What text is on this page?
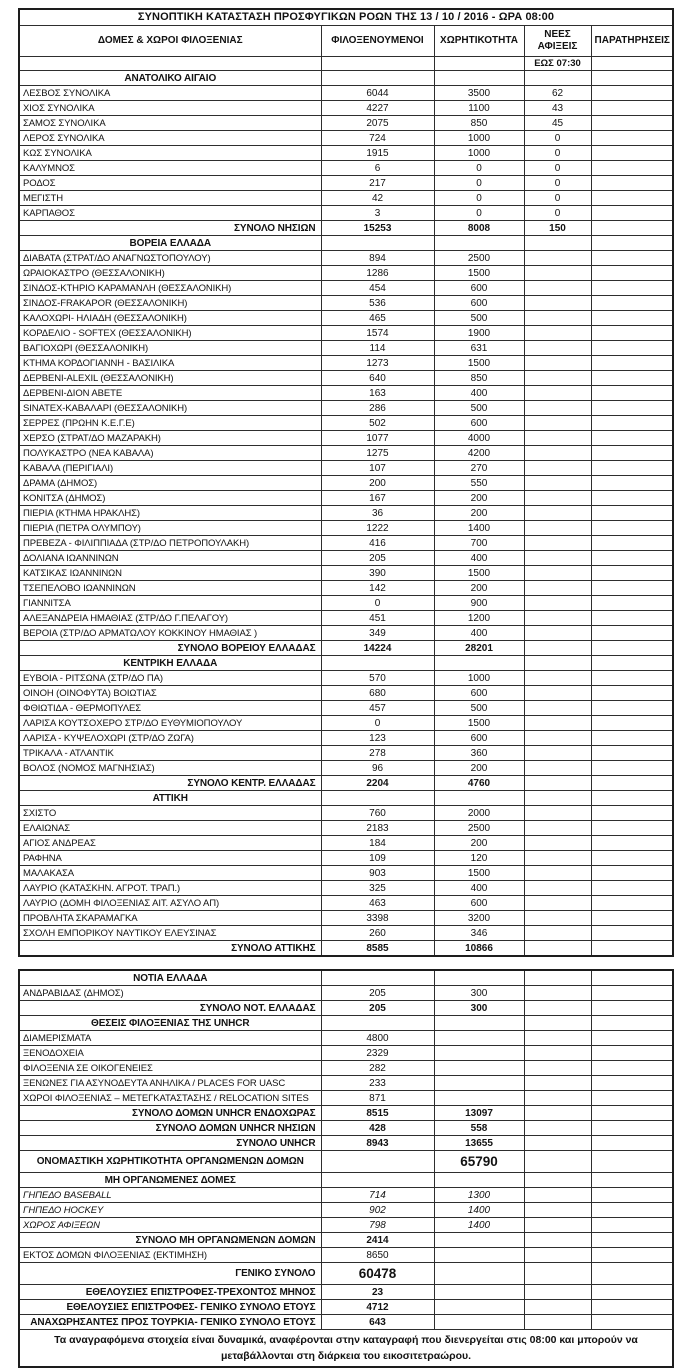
ΣΥΝΟΠΤΙΚΗ ΚΑΤΑΣΤΑΣΗ ΠΡΟΣΦΥΓΙΚΩΝ ΡΟΩΝ ΤΗΣ 13 / 10 / 2016 - ΩΡΑ 08:00				
ΔΟΜΕΣ & ΧΩΡΟΙ ΦΙΛΟΞΕΝΙΑΣ	ΦΙΛΟΞΕΝΟΥΜΕΝΟΙ	ΧΩΡΗΤΙΚΟΤΗΤΑ	ΝΕΕΣ ΑΦΙΞΕΙΣ	ΠΑΡΑΤΗΡΗΣΕΙΣ
			ΕΩΣ 07:30	
ΑΝΑΤΟΛΙΚΟ ΑΙΓΑΙΟ				
ΛΕΣΒΟΣ ΣΥΝΟΛΙΚΑ	6044	3500	62	
ΧΙΟΣ ΣΥΝΟΛΙΚΑ	4227	1100	43	
ΣΑΜΟΣ ΣΥΝΟΛΙΚΑ	2075	850	45	
ΛΕΡΟΣ ΣΥΝΟΛΙΚΑ	724	1000	0	
ΚΩΣ ΣΥΝΟΛΙΚΑ	1915	1000	0	
ΚΑΛΥΜΝΟΣ	6	0	0	
ΡΟΔΟΣ	217	0	0	
ΜΕΓΙΣΤΗ	42	0	0	
ΚΑΡΠΑΘΟΣ	3	0	0	
ΣΥΝΟΛΟ ΝΗΣΙΩΝ	15253	8008	150	
ΒΟΡΕΙΑ ΕΛΛΑΔΑ				
ΔΙΑΒΑΤΑ (ΣΤΡΑΤ/ΔΟ ΑΝΑΓΝΩΣΤΟΠΟΥΛΟΥ)	894	2500		
ΩΡΑΙΟΚΑΣΤΡΟ (ΘΕΣΣΑΛΟΝΙΚΗ)	1286	1500		
ΣΙΝΔΟΣ-ΚΤΗΡΙΟ ΚΑΡΑΜΑΝΛΗ (ΘΕΣΣΑΛΟΝΙΚΗ)	454	600		
ΣΙΝΔΟΣ-FRAKAPOR (ΘΕΣΣΑΛΟΝΙΚΗ)	536	600		
ΚΑΛΟΧΩΡΙ- ΗΛΙΑΔΗ (ΘΕΣΣΑΛΟΝΙΚΗ)	465	500		
ΚΟΡΔΕΛΙΟ - SOFTEX (ΘΕΣΣΑΛΟΝΙΚΗ)	1574	1900		
ΒΑΓΙΟΧΩΡΙ (ΘΕΣΣΑΛΟΝΙΚΗ)	114	631		
ΚΤΗΜΑ ΚΟΡΔΟΓΙΑΝΝΗ - ΒΑΣΙΛΙΚΑ	1273	1500		
ΔΕΡΒΕΝΙ-ALEXIL (ΘΕΣΣΑΛΟΝΙΚΗ)	640	850		
ΔΕΡΒΕΝΙ-ΔΙΟΝ ΑΒΕΤΕ	163	400		
SINATEX-ΚΑΒΑΛΑΡΙ (ΘΕΣΣΑΛΟΝΙΚΗ)	286	500		
ΣΕΡΡΕΣ (ΠΡΩΗΝ Κ.Ε.Γ.Ε)	502	600		
ΧΕΡΣΟ (ΣΤΡΑΤ/ΔΟ ΜΑΖΑΡΑΚΗ)	1077	4000		
ΠΟΛΥΚΑΣΤΡΟ (ΝΕΑ ΚΑΒΑΛΑ)	1275	4200		
ΚΑΒΑΛΑ (ΠΕΡΙΓΙΑΛΙ)	107	270		
ΔΡΑΜΑ (ΔΗΜΟΣ)	200	550		
ΚΟΝΙΤΣΑ (ΔΗΜΟΣ)	167	200		
ΠΙΕΡΙΑ (ΚΤΗΜΑ ΗΡΑΚΛΗΣ)	36	200		
ΠΙΕΡΙΑ (ΠΕΤΡΑ ΟΛΥΜΠΟΥ)	1222	1400		
ΠΡΕΒΕΖΑ - ΦΙΛΙΠΠΙΑΔΑ (ΣΤΡ/ΔΟ ΠΕΤΡΟΠΟΥΛΑΚΗ)	416	700		
ΔΟΛΙΑΝΑ ΙΩΑΝΝΙΝΩΝ	205	400		
ΚΑΤΣΙΚΑΣ ΙΩΑΝΝΙΝΩΝ	390	1500		
ΤΣΕΠΕΛΟΒΟ ΙΩΑΝΝΙΝΩΝ	142	200		
ΓΙΑΝΝΙΤΣΑ	0	900		
ΑΛΕΞΑΝΔΡΕΙΑ ΗΜΑΘΙΑΣ (ΣΤΡ/ΔΟ Γ.ΠΕΛΑΓΟΥ)	451	1200		
ΒΕΡΟΙΑ (ΣΤΡ/ΔΟ ΑΡΜΑΤΩΛΟΥ ΚΟΚΚΙΝΟΥ ΗΜΑΘΙΑΣ )	349	400		
ΣΥΝΟΛΟ ΒΟΡΕΙΟΥ ΕΛΛΑΔΑΣ	14224	28201		
ΚΕΝΤΡΙΚΗ ΕΛΛΑΔΑ				
ΕΥΒΟΙΑ - ΡΙΤΣΩΝΑ (ΣΤΡ/ΔΟ ΠΑ)	570	1000		
ΟΙΝΟΗ (ΟΙΝΟΦΥΤΑ) ΒΟΙΩΤΙΑΣ	680	600		
ΦΘΙΩΤΙΔΑ - ΘΕΡΜΟΠΥΛΕΣ	457	500		
ΛΑΡΙΣΑ ΚΟΥΤΣΟΧΕΡΟ ΣΤΡ/ΔΟ ΕΥΘΥΜΙΟΠΟΥΛΟΥ	0	1500		
ΛΑΡΙΣΑ - ΚΥΨΕΛΟΧΩΡΙ (ΣΤΡ/ΔΟ ΖΩΓΑ)	123	600		
ΤΡΙΚΑΛΑ - ΑΤΛΑΝΤΙΚ	278	360		
ΒΟΛΟΣ (ΝΟΜΟΣ ΜΑΓΝΗΣΙΑΣ)	96	200		
ΣΥΝΟΛΟ ΚΕΝΤΡ. ΕΛΛΑΔΑΣ	2204	4760		
ΑΤΤΙΚΗ				
ΣΧΙΣΤΟ	760	2000		
ΕΛΑΙΩΝΑΣ	2183	2500		
ΑΓΙΟΣ ΑΝΔΡΕΑΣ	184	200		
ΡΑΦΗΝΑ	109	120		
ΜΑΛΑΚΑΣΑ	903	1500		
ΛΑΥΡΙΟ (ΚΑΤΑΣΚΗΝ. ΑΓΡΟΤ. ΤΡΑΠ.)	325	400		
ΛΑΥΡΙΟ (ΔΟΜΗ ΦΙΛΟΞΕΝΙΑΣ ΑΙΤ. ΑΣΥΛΟ ΑΠ)	463	600		
ΠΡΟΒΛΗΤΑ ΣΚΑΡΑΜΑΓΚΑ	3398	3200		
ΣΧΟΛΗ ΕΜΠΟΡΙΚΟΥ ΝΑΥΤΙΚΟΥ ΕΛΕΥΣΙΝΑΣ	260	346		
ΣΥΝΟΛΟ ΑΤΤΙΚΗΣ	8585	10866		
ΝΟΤΙΑ ΕΛΛΑΔΑ				
ΑΝΔΡΑΒΙΔΑΣ (ΔΗΜΟΣ)	205	300		
ΣΥΝΟΛΟ ΝΟΤ. ΕΛΛΑΔΑΣ	205	300		
ΘΕΣΕΙΣ ΦΙΛΟΞΕΝΙΑΣ ΤΗΣ UNHCR				
ΔΙΑΜΕΡΙΣΜΑΤΑ	4800			
ΞΕΝΟΔΟΧΕΙΑ	2329			
ΦΙΛΟΞΕΝΙΑ ΣΕ ΟΙΚΟΓΕΝΕΙΕΣ	282			
ΞΕΝΩΝΕΣ ΓΙΑ ΑΣΥΝΟΔΕΥΤΑ ΑΝΗΛΙΚΑ / PLACES FOR UASC	233			
ΧΩΡΟΙ ΦΙΛΟΞΕΝΙΑΣ – ΜΕΤΕΓΚΑΤΑΣΤΑΣΗΣ / RELOCATION SITES	871			
ΣΥΝΟΛΟ ΔΟΜΩΝ UNHCR ΕΝΔΟΧΩΡΑΣ	8515	13097		
ΣΥΝΟΛΟ ΔΟΜΩΝ UNHCR ΝΗΣΙΩΝ	428	558		
ΣΥΝΟΛΟ UNHCR	8943	13655		
ΟΝΟΜΑΣΤΙΚΗ ΧΩΡΗΤΙΚΟΤΗΤΑ ΟΡΓΑΝΩΜΕΝΩΝ ΔΟΜΩΝ		65790		
ΜΗ ΟΡΓΑΝΩΜΕΝΕΣ ΔΟΜΕΣ				
ΓΗΠΕΔΟ BASEBALL	714	1300		
ΓΗΠΕΔΟ HOCKEY	902	1400		
ΧΩΡΟΣ ΑΦΙΞΕΩΝ	798	1400		
ΣΥΝΟΛΟ ΜΗ ΟΡΓΑΝΩΜΕΝΩΝ ΔΟΜΩΝ	2414			
ΕΚΤΟΣ ΔΟΜΩΝ ΦΙΛΟΞΕΝΙΑΣ (ΕΚΤΙΜΗΣΗ)	8650			
ΓΕΝΙΚΟ ΣΥΝΟΛΟ	60478			
ΕΘΕΛΟΥΣΙΕΣ ΕΠΙΣΤΡΟΦΕΣ-ΤΡΕΧΟΝΤΟΣ ΜΗΝΟΣ	23			
ΕΘΕΛΟΥΣΙΕΣ ΕΠΙΣΤΡΟΦΕΣ- ΓΕΝΙΚΟ ΣΥΝΟΛΟ ΕΤΟΥΣ	4712			
ΑΝΑΧΩΡΗΣΑΝΤΕΣ ΠΡΟΣ ΤΟΥΡΚΙΑ- ΓΕΝΙΚΟ ΣΥΝΟΛΟ ΕΤΟΥΣ	643			
Τα αναγραφόμενα στοιχεία είναι δυναμικά, αναφέρονται στην καταγραφή που διενεργείται στις 08:00 και μπορούν να μεταβάλλονται στη διάρκεια του εικοσιτετραώρου.				
